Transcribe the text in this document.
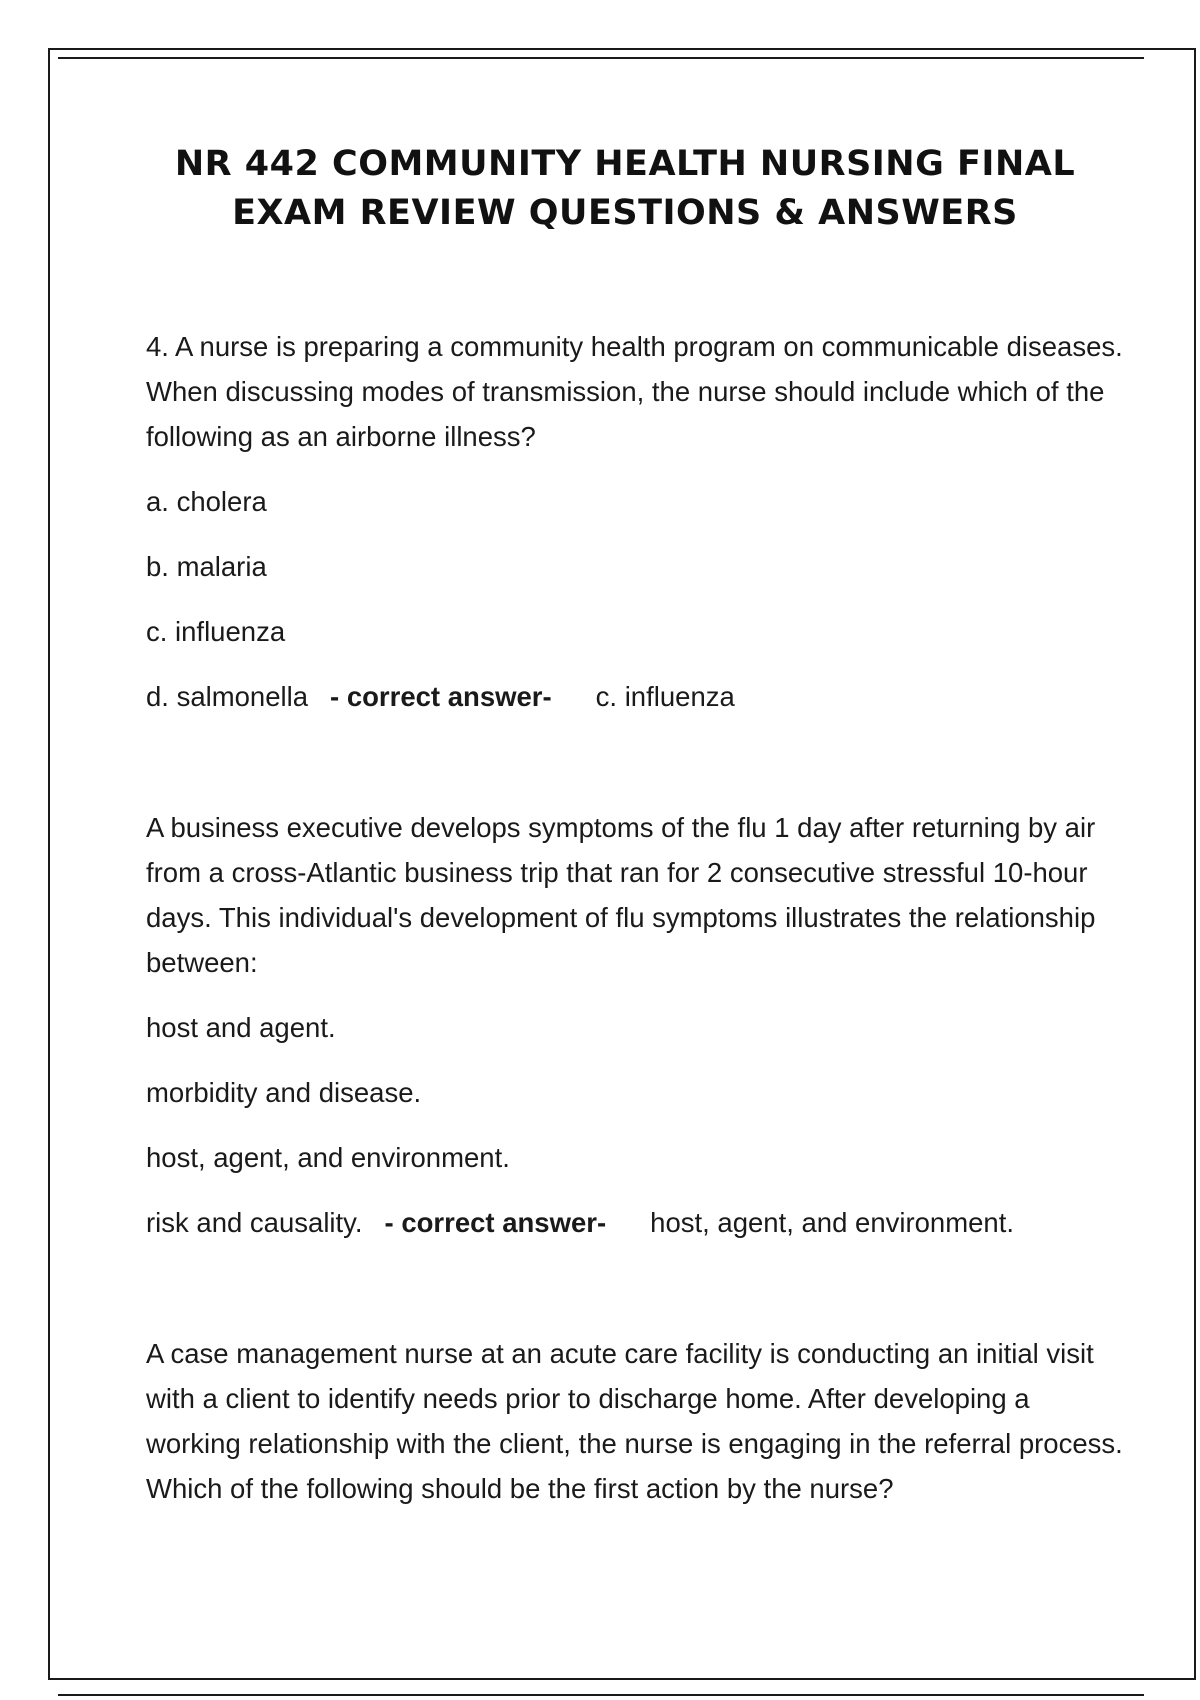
NR 442 COMMUNITY HEALTH NURSING FINAL
EXAM REVIEW QUESTIONS & ANSWERS

4. A nurse is preparing a community health program on communicable diseases. When discussing modes of transmission, the nurse should include which of the following as an airborne illness?

a. cholera

b. malaria

c. influenza

d. salmonella - correct answer- c. influenza

A business executive develops symptoms of the flu 1 day after returning by air from a cross-Atlantic business trip that ran for 2 consecutive stressful 10-hour days. This individual's development of flu symptoms illustrates the relationship between:

host and agent.

morbidity and disease.

host, agent, and environment.

risk and causality. - correct answer- host, agent, and environment.

A case management nurse at an acute care facility is conducting an initial visit with a client to identify needs prior to discharge home. After developing a working relationship with the client, the nurse is engaging in the referral process. Which of the following should be the first action by the nurse?
